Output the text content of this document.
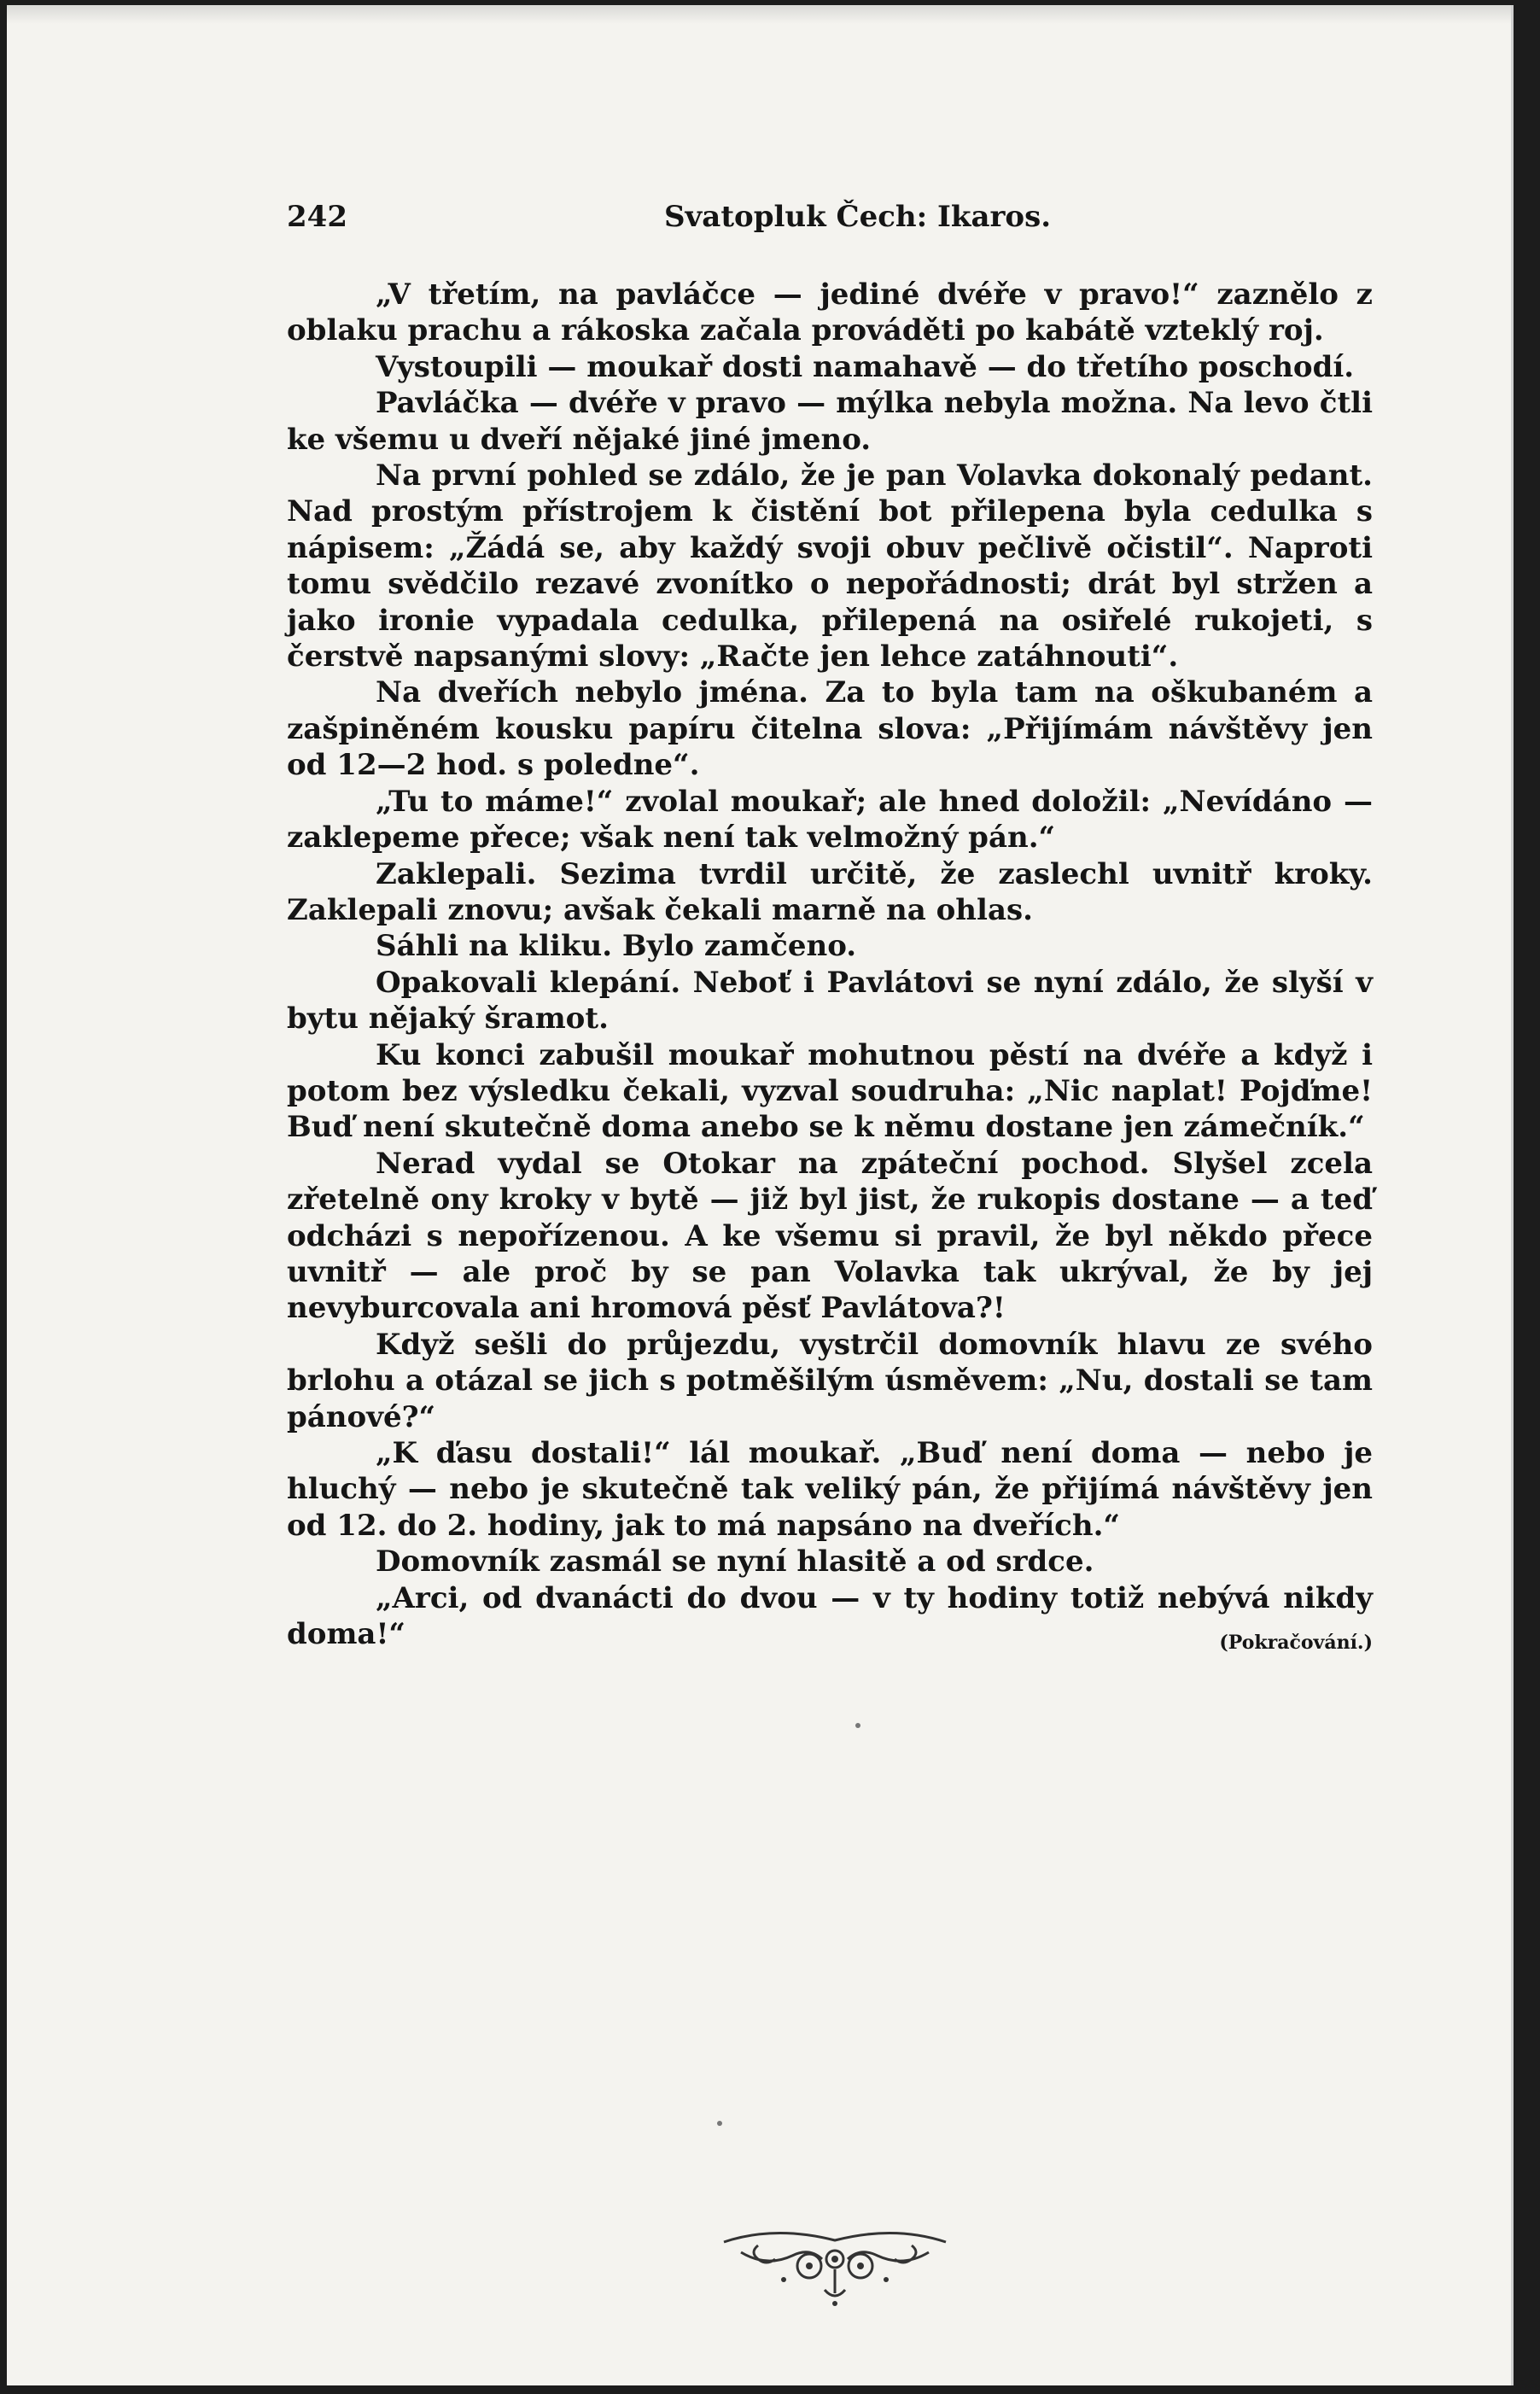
242	Svatopluk Čech: Ikaros.

„V třetím, na pavláčce — jediné dvéře v pravo!“ zaznělo z oblaku prachu a rákoska začala prováděti po kabátě vzteklý roj.

Vystoupili — moukař dosti namahavě — do třetího poschodí.

Pavláčka — dvéře v pravo — mýlka nebyla možna. Na levo čtli ke všemu u dveří nějaké jiné jmeno.

Na první pohled se zdálo, že je pan Volavka dokonalý pedant. Nad prostým přístrojem k čistění bot přilepena byla cedulka s nápisem: „Žádá se, aby každý svoji obuv pečlivě očistil“. Naproti tomu svědčilo rezavé zvonítko o nepořádnosti; drát byl stržen a jako ironie vypadala cedulka, přilepená na osiřelé rukojeti, s čerstvě napsanými slovy: „Račte jen lehce zatáhnouti“.

Na dveřích nebylo jména. Za to byla tam na oškubaném a zašpiněném kousku papíru čitelna slova: „Přijímám návštěvy jen od 12—2 hod. s poledne“.

„Tu to máme!“ zvolal moukař; ale hned doložil: „Nevídáno — zaklepeme přece; však není tak velmožný pán.“

Zaklepali. Sezima tvrdil určitě, že zaslechl uvnitř kroky. Zaklepali znovu; avšak čekali marně na ohlas.

Sáhli na kliku. Bylo zamčeno.

Opakovali klepání. Neboť i Pavlátovi se nyní zdálo, že slyší v bytu nějaký šramot.

Ku konci zabušil moukař mohutnou pěstí na dvéře a když i potom bez výsledku čekali, vyzval soudruha: „Nic naplat! Pojďme! Buď není skutečně doma anebo se k němu dostane jen zámečník.“

Nerad vydal se Otokar na zpáteční pochod. Slyšel zcela zřetelně ony kroky v bytě — již byl jist, že rukopis dostane — a teď odcházi s nepořízenou. A ke všemu si pravil, že byl někdo přece uvnitř — ale proč by se pan Volavka tak ukrýval, že by jej nevyburcovala ani hromová pěsť Pavlátova?!

Když sešli do průjezdu, vystrčil domovník hlavu ze svého brlohu a otázal se jich s potměšilým úsměvem: „Nu, dostali se tam pánové?“

„K ďasu dostali!“ lál moukař. „Buď není doma — nebo je hluchý — nebo je skutečně tak veliký pán, že přijímá návštěvy jen od 12. do 2. hodiny, jak to má napsáno na dveřích.“

Domovník zasmál se nyní hlasitě a od srdce.

„Arci, od dvanácti do dvou — v ty hodiny totiž nebývá nikdy doma!“	(Pokračování.)
